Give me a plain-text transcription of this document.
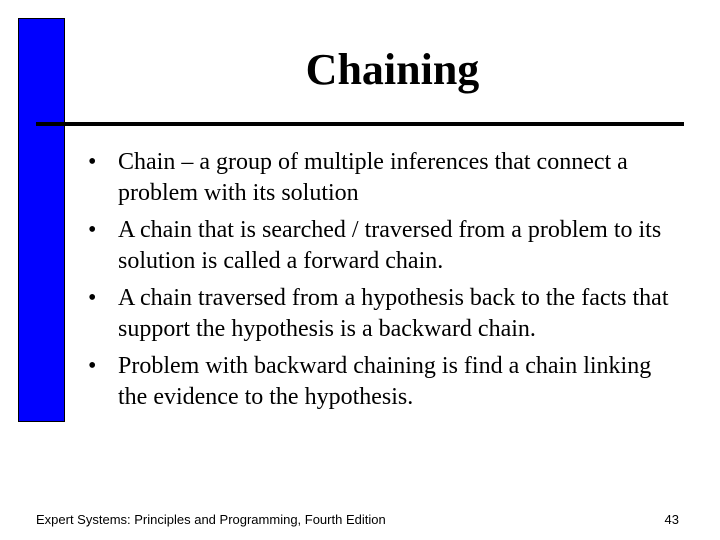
Chaining
• Chain – a group of multiple inferences that connect a problem with its solution
• A chain that is searched / traversed from a problem to its solution is called a forward chain.
• A chain traversed from a hypothesis back to the facts that support the hypothesis is a backward chain.
• Problem with backward chaining is find a chain linking the evidence to the hypothesis.
Expert Systems: Principles and Programming, Fourth Edition	43
